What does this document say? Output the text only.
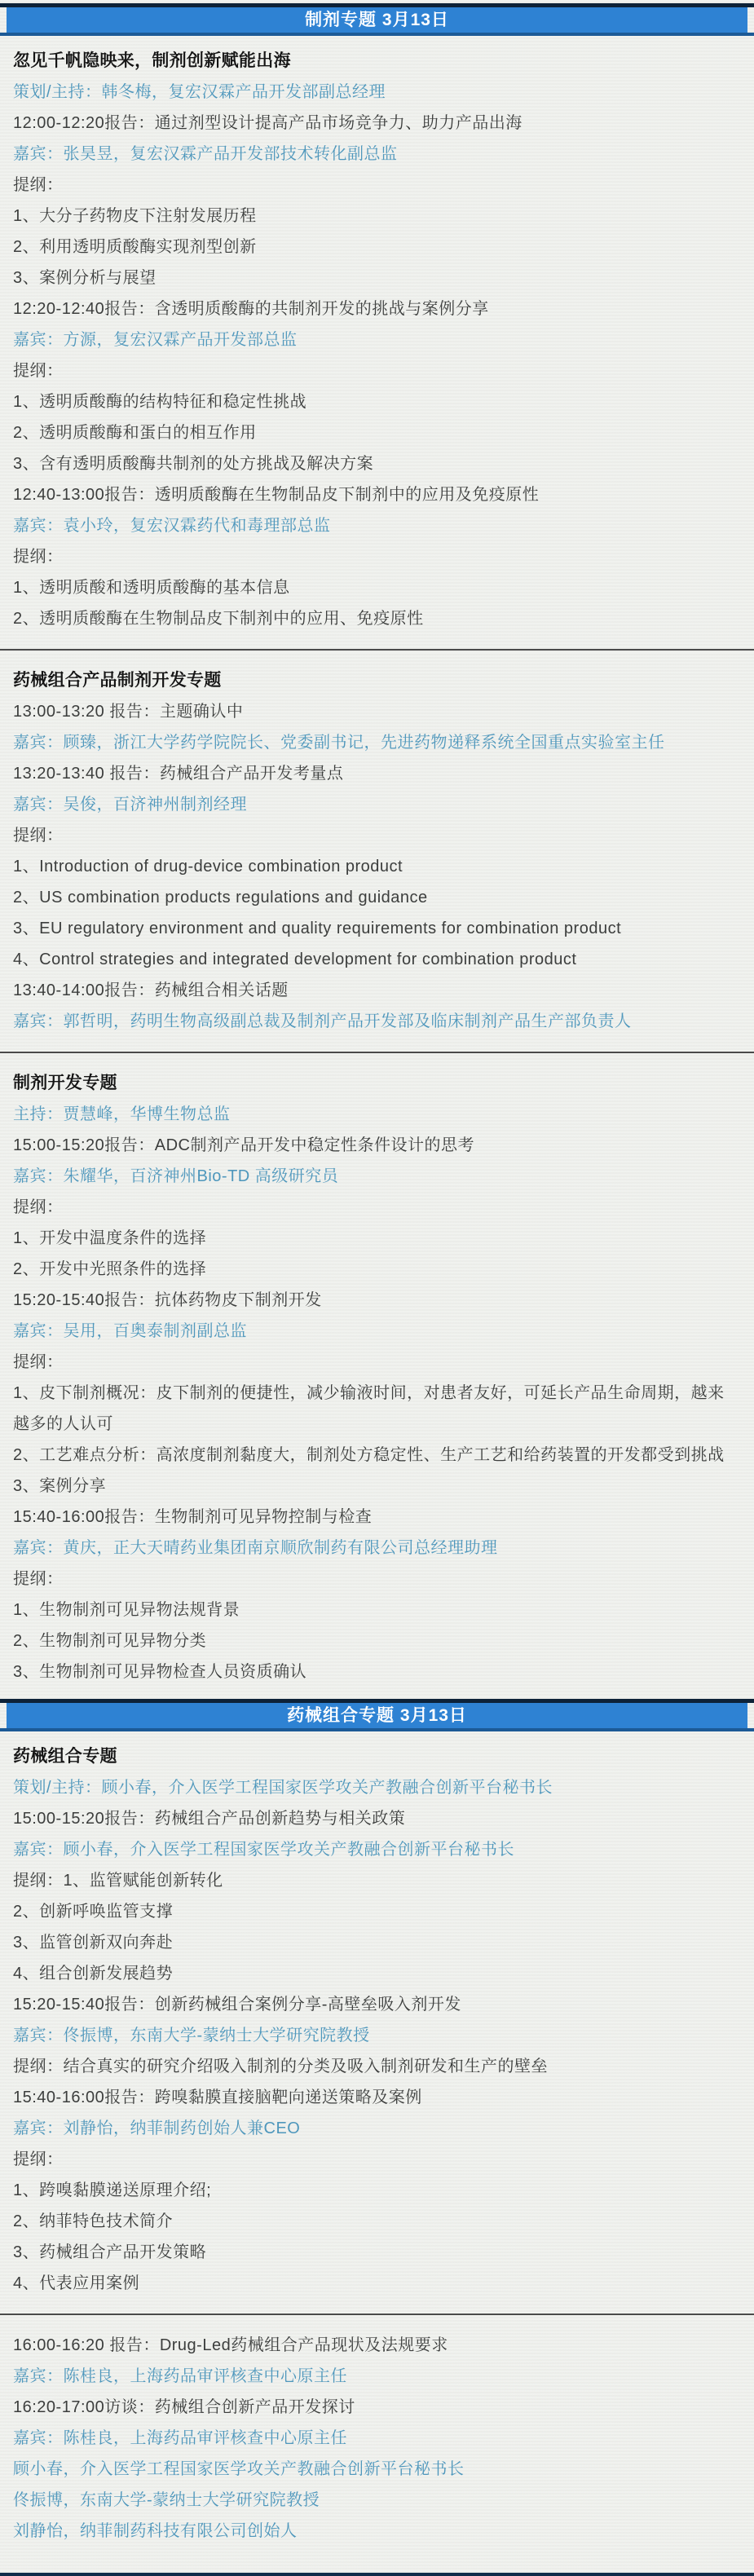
制剂专题 3月13日
忽见千帆隐映来，制剂创新赋能出海
策划/主持：韩冬梅，复宏汉霖产品开发部副总经理
12:00-12:20报告：通过剂型设计提高产品市场竞争力、助力产品出海
嘉宾：张昊昱，复宏汉霖产品开发部技术转化副总监
提纲：
1、大分子药物皮下注射发展历程
2、利用透明质酸酶实现剂型创新
3、案例分析与展望
12:20-12:40报告：含透明质酸酶的共制剂开发的挑战与案例分享
嘉宾：方源，复宏汉霖产品开发部总监
提纲：
1、透明质酸酶的结构特征和稳定性挑战
2、透明质酸酶和蛋白的相互作用
3、含有透明质酸酶共制剂的处方挑战及解决方案
12:40-13:00报告：透明质酸酶在生物制品皮下制剂中的应用及免疫原性
嘉宾：袁小玲，复宏汉霖药代和毒理部总监
提纲：
1、透明质酸和透明质酸酶的基本信息
2、透明质酸酶在生物制品皮下制剂中的应用、免疫原性
药械组合产品制剂开发专题
13:00-13:20 报告：主题确认中
嘉宾：顾臻，浙江大学药学院院长、党委副书记，先进药物递释系统全国重点实验室主任
13:20-13:40 报告：药械组合产品开发考量点
嘉宾：吴俊，百济神州制剂经理
提纲：
1、Introduction of drug-device combination product
2、US combination products regulations and guidance
3、EU regulatory environment and quality requirements for combination product
4、Control strategies and integrated development for combination product
13:40-14:00报告：药械组合相关话题
嘉宾：郭哲明，药明生物高级副总裁及制剂产品开发部及临床制剂产品生产部负责人
制剂开发专题
主持：贾慧峰，华博生物总监
15:00-15:20报告：ADC制剂产品开发中稳定性条件设计的思考
嘉宾：朱耀华，百济神州Bio-TD 高级研究员
提纲：
1、开发中温度条件的选择
2、开发中光照条件的选择
15:20-15:40报告：抗体药物皮下制剂开发
嘉宾：吴用，百奥泰制剂副总监
提纲：
1、皮下制剂概况：皮下制剂的便捷性，减少输液时间，对患者友好，可延长产品生命周期，越来越多的人认可
2、工艺难点分析：高浓度制剂黏度大，制剂处方稳定性、生产工艺和给药装置的开发都受到挑战
3、案例分享
15:40-16:00报告：生物制剂可见异物控制与检查
嘉宾：黄庆，正大天晴药业集团南京顺欣制药有限公司总经理助理
提纲：
1、生物制剂可见异物法规背景
2、生物制剂可见异物分类
3、生物制剂可见异物检查人员资质确认
药械组合专题 3月13日
药械组合专题
策划/主持：顾小春，介入医学工程国家医学攻关产教融合创新平台秘书长
15:00-15:20报告：药械组合产品创新趋势与相关政策
嘉宾：顾小春，介入医学工程国家医学攻关产教融合创新平台秘书长
提纲：1、监管赋能创新转化
2、创新呼唤监管支撑
3、监管创新双向奔赴
4、组合创新发展趋势
15:20-15:40报告：创新药械组合案例分享-高壁垒吸入剂开发
嘉宾：佟振博，东南大学-蒙纳士大学研究院教授
提纲：结合真实的研究介绍吸入制剂的分类及吸入制剂研发和生产的壁垒
15:40-16:00报告：跨嗅黏膜直接脑靶向递送策略及案例
嘉宾：刘静怡，纳菲制药创始人兼CEO
提纲：
1、跨嗅黏膜递送原理介绍;
2、纳菲特色技术简介
3、药械组合产品开发策略
4、代表应用案例
16:00-16:20 报告：Drug-Led药械组合产品现状及法规要求
嘉宾：陈桂良，上海药品审评核查中心原主任
16:20-17:00访谈：药械组合创新产品开发探讨
嘉宾：陈桂良，上海药品审评核查中心原主任
顾小春，介入医学工程国家医学攻关产教融合创新平台秘书长
佟振博，东南大学-蒙纳士大学研究院教授
刘静怡，纳菲制药科技有限公司创始人
